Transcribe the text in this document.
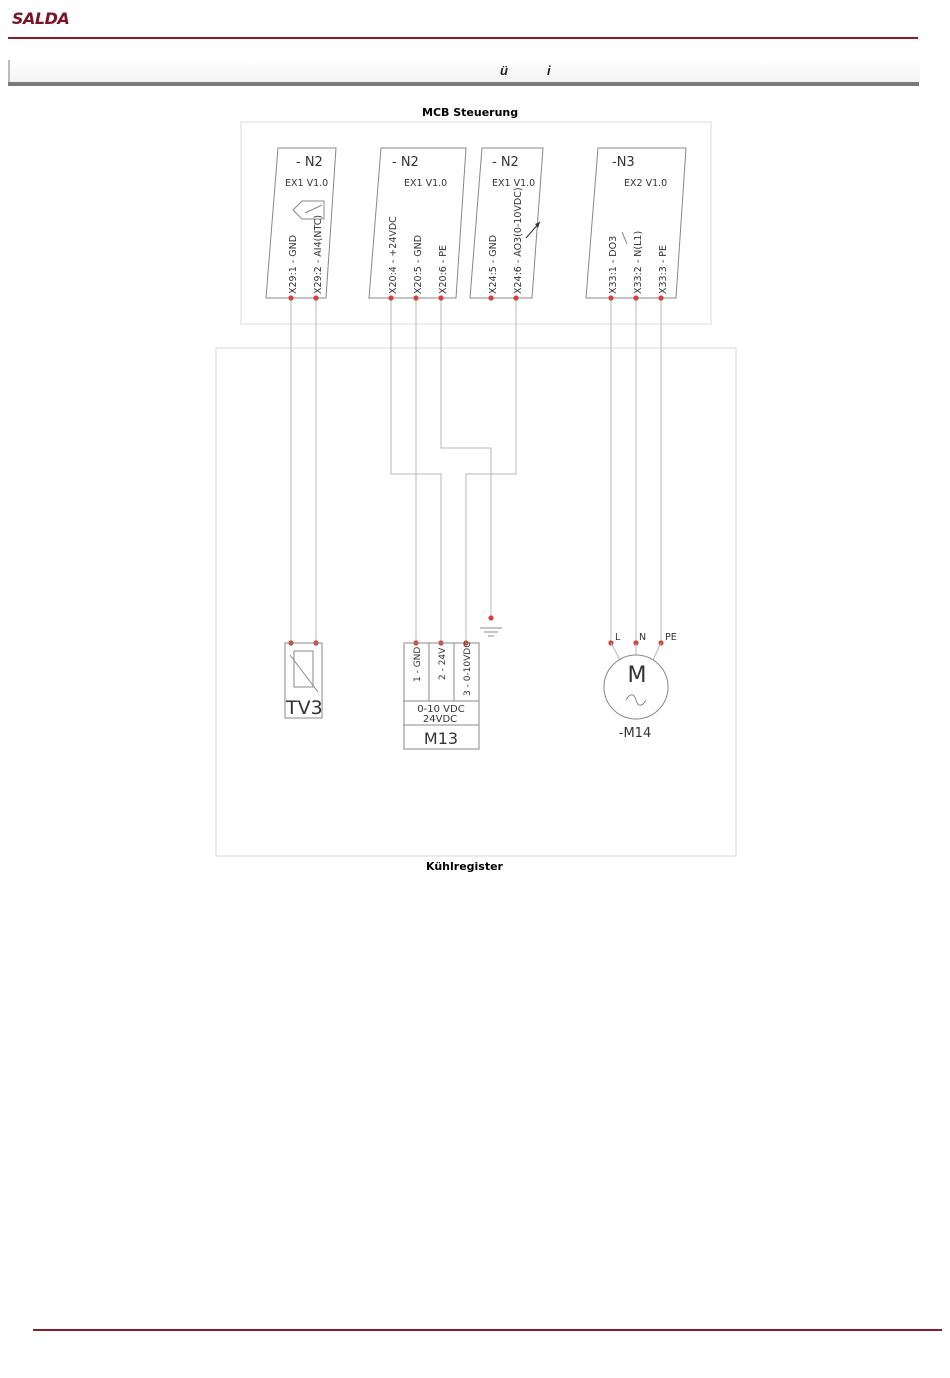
SALDA
ü	i
MCB Steuerung
Kühlregister
- N2
EX1 V1.0
X29:1 - GND X29:2 - AI4(NTC)
- N2
EX1 V1.0
X20:4 - +24VDC X20:5 - GND X20:6 - PE
- N2
EX1 V1.0
X24:5 - GND X24:6 - AO3(0-10VDC)
-N3
EX2 V1.0
X33:1 - DO3 X33:2 - N(L1) X33:3 - PE
TV3
1 - GND 2 - 24V 3 - 0-10VDC
0-10 VDC
24VDC
M13
M
L N PE
-M14
